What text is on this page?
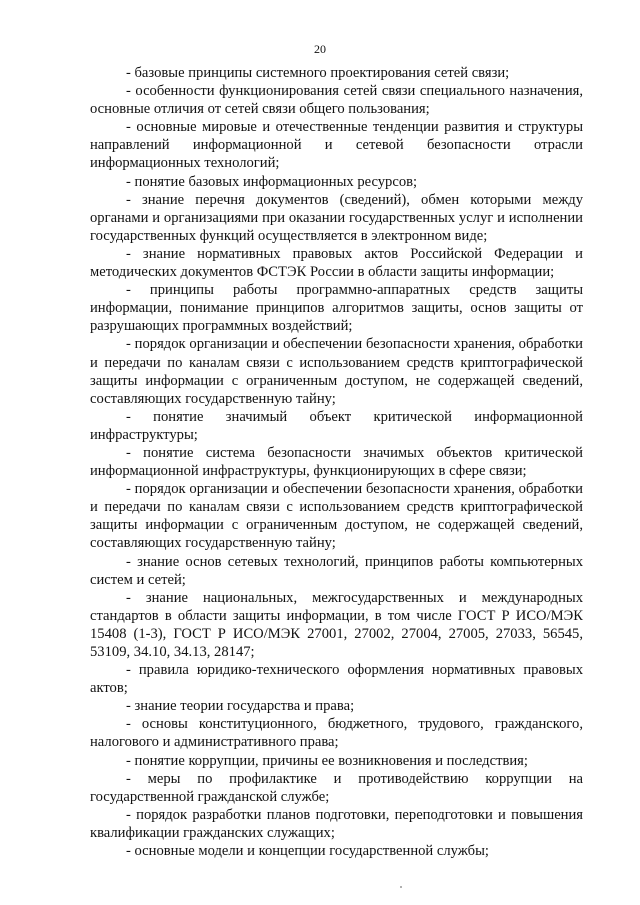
20

- базовые принципы системного проектирования сетей связи;

- особенности функционирования сетей связи специального назначения, основные отличия от сетей связи общего пользования;

- основные мировые и отечественные тенденции развития и структуры направлений информационной и сетевой безопасности отрасли информационных технологий;

- понятие базовых информационных ресурсов;

- знание перечня документов (сведений), обмен которыми между органами и организациями при оказании государственных услуг и исполнении государственных функций осуществляется в электронном виде;

- знание нормативных правовых актов Российской Федерации и методических документов ФСТЭК России в области защиты информации;

- принципы работы программно-аппаратных средств защиты информации, понимание принципов алгоритмов защиты, основ защиты от разрушающих программных воздействий;

- порядок организации и обеспечении безопасности хранения, обработки и передачи по каналам связи с использованием средств криптографической защиты информации с ограниченным доступом, не содержащей сведений, составляющих государственную тайну;

- понятие значимый объект критической информационной инфраструктуры;

- понятие система безопасности значимых объектов критической информационной инфраструктуры, функционирующих в сфере связи;

- порядок организации и обеспечении безопасности хранения, обработки и передачи по каналам связи с использованием средств криптографической защиты информации с ограниченным доступом, не содержащей сведений, составляющих государственную тайну;

- знание основ сетевых технологий, принципов работы компьютерных систем и сетей;

- знание национальных, межгосударственных и международных стандартов в области защиты информации, в том числе ГОСТ Р ИСО/МЭК 15408 (1-3), ГОСТ Р ИСО/МЭК 27001, 27002, 27004, 27005, 27033, 56545, 53109, 34.10, 34.13, 28147;

- правила юридико-технического оформления нормативных правовых актов;

- знание теории государства и права;

- основы конституционного, бюджетного, трудового, гражданского, налогового и административного права;

- понятие коррупции, причины ее возникновения и последствия;

- меры по профилактике и противодействию коррупции на государственной гражданской службе;

- порядок разработки планов подготовки, переподготовки и повышения квалификации гражданских служащих;

- основные модели и концепции государственной службы;
